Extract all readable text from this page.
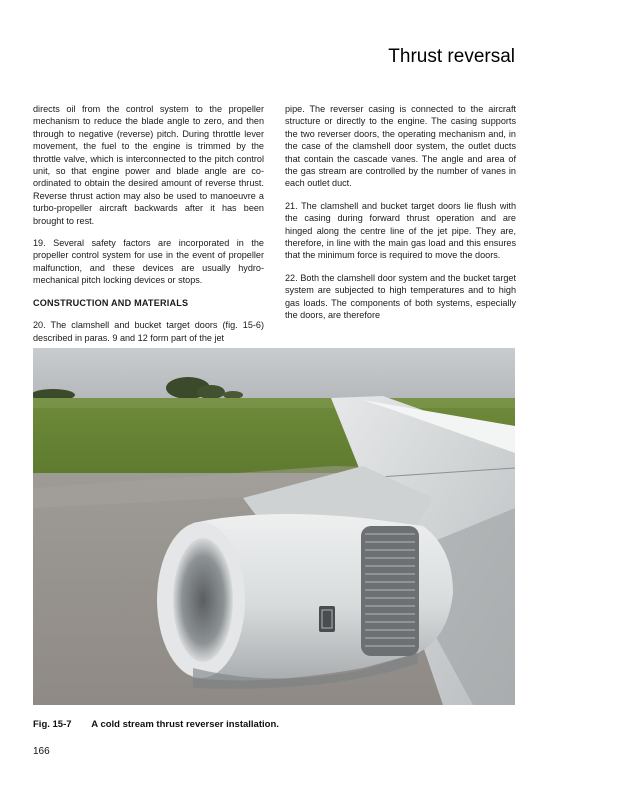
Thrust reversal

directs oil from the control system to the propeller mechanism to reduce the blade angle to zero, and then through to negative (reverse) pitch. During throttle lever movement, the fuel to the engine is trimmed by the throttle valve, which is interconnected to the pitch control unit, so that engine power and blade angle are co-ordinated to obtain the desired amount of reverse thrust. Reverse thrust action may also be used to manoeuvre a turbo-propeller aircraft backwards after it has been brought to rest.

19. Several safety factors are incorporated in the propeller control system for use in the event of propeller malfunction, and these devices are usually hydro-mechanical pitch locking devices or stops.

CONSTRUCTION AND MATERIALS

20. The clamshell and bucket target doors (fig. 15-6) described in paras. 9 and 12 form part of the jet

pipe. The reverser casing is connected to the aircraft structure or directly to the engine. The casing supports the two reverser doors, the operating mechanism and, in the case of the clamshell door system, the outlet ducts that contain the cascade vanes. The angle and area of the gas stream are controlled by the number of vanes in each outlet duct.

21. The clamshell and bucket target doors lie flush with the casing during forward thrust operation and are hinged along the centre line of the jet pipe. They are, therefore, in line with the main gas load and this ensures that the minimum force is required to move the doors.

22. Both the clamshell door system and the bucket target system are subjected to high temperatures and to high gas loads. The components of both systems, especially the doors, are therefore

Fig. 15-7 A cold stream thrust reverser installation.
166
